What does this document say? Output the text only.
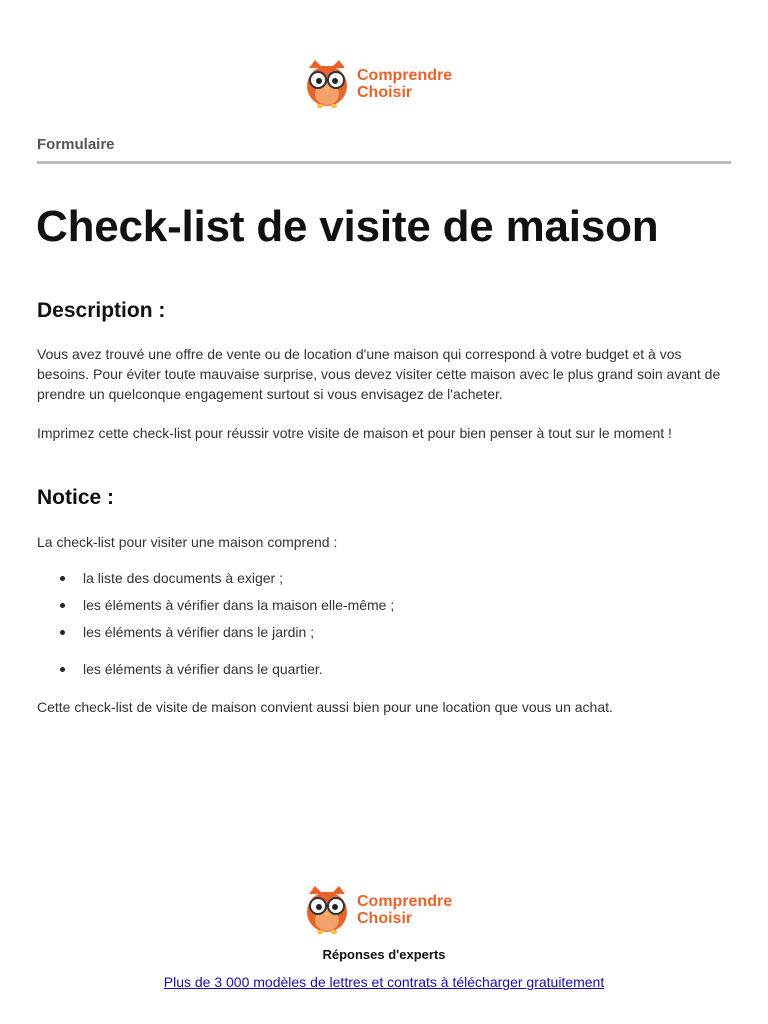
Comprendre
Choisir
Formulaire
Check-list de visite de maison
Description :

Vous avez trouvé une offre de vente ou de location d'une maison qui correspond à votre budget et à vos besoins. Pour éviter toute mauvaise surprise, vous devez visiter cette maison avec le plus grand soin avant de prendre un quelconque engagement surtout si vous envisagez de l'acheter.

Imprimez cette check-list pour réussir votre visite de maison et pour bien penser à tout sur le moment !

Notice :

La check-list pour visiter une maison comprend :

la liste des documents à exiger ;
les éléments à vérifier dans la maison elle-même ;
les éléments à vérifier dans le jardin ;
les éléments à vérifier dans le quartier.

Cette check-list de visite de maison convient aussi bien pour une location que vous un achat.

Comprendre
Choisir
Réponses d'experts
Plus de 3 000 modèles de lettres et contrats à télécharger gratuitement
